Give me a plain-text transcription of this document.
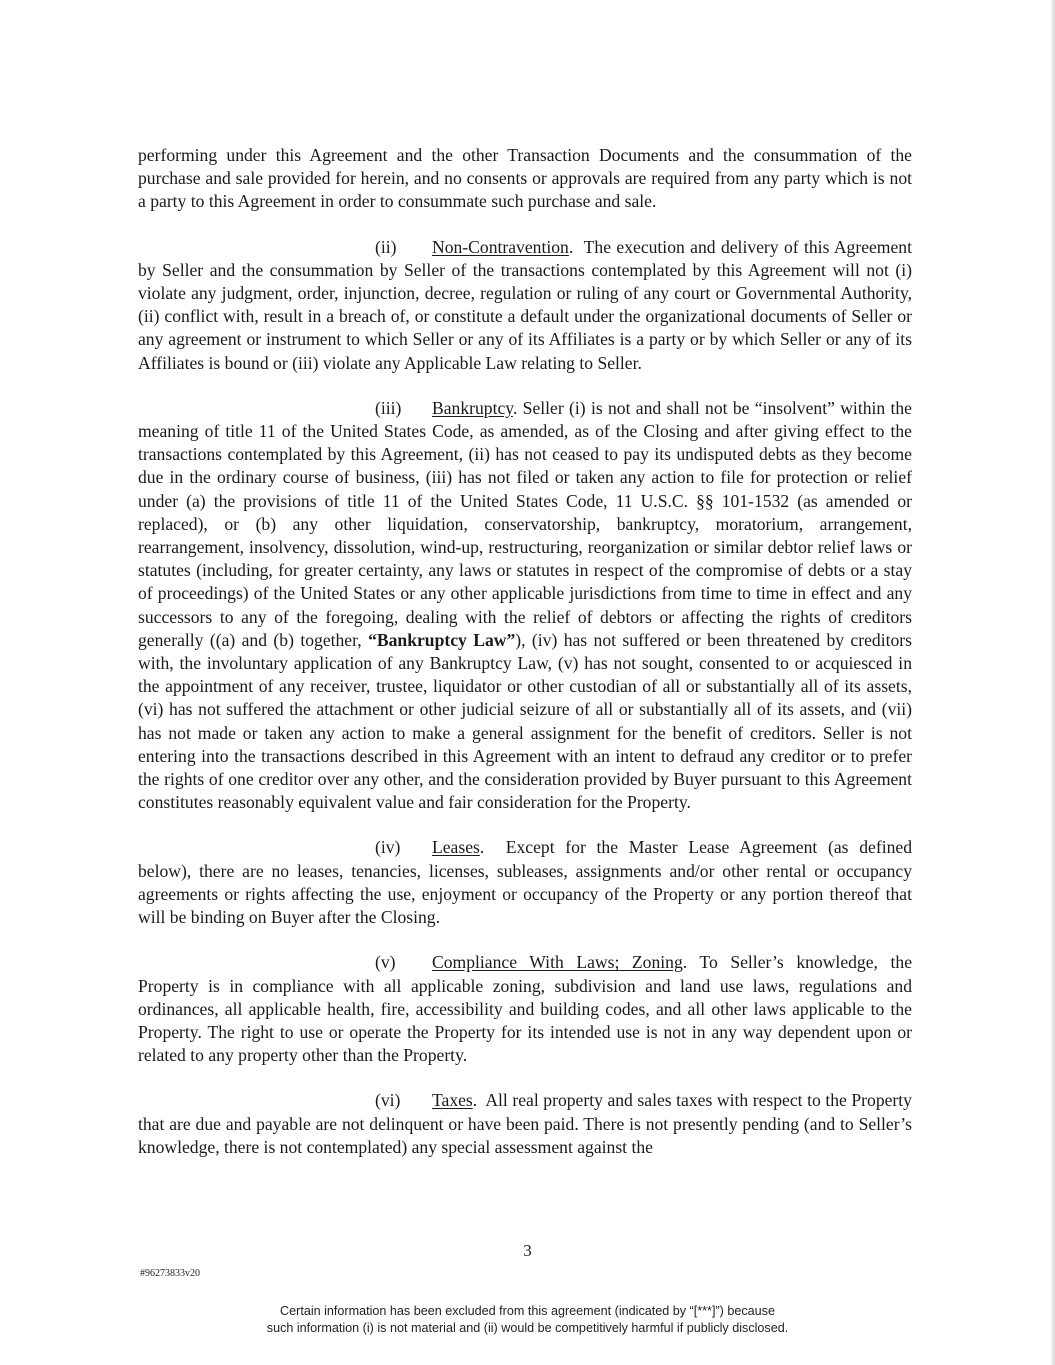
performing under this Agreement and the other Transaction Documents and the consummation of the purchase and sale provided for herein, and no consents or approvals are required from any party which is not a party to this Agreement in order to consummate such purchase and sale.

(ii) Non-Contravention.  The execution and delivery of this Agreement by Seller and the consummation by Seller of the transactions contemplated by this Agreement will not (i) violate any judgment, order, injunction, decree, regulation or ruling of any court or Governmental Authority, (ii) conflict with, result in a breach of, or constitute a default under the organizational documents of Seller or any agreement or instrument to which Seller or any of its Affiliates is a party or by which Seller or any of its Affiliates is bound or (iii) violate any Applicable Law relating to Seller.

(iii) Bankruptcy. Seller (i) is not and shall not be “insolvent” within the meaning of title 11 of the United States Code, as amended, as of the Closing and after giving effect to the transactions contemplated by this Agreement, (ii) has not ceased to pay its undisputed debts as they become due in the ordinary course of business, (iii) has not filed or taken any action to file for protection or relief under (a) the provisions of title 11 of the United States Code, 11 U.S.C. §§ 101-1532 (as amended or replaced), or (b) any other liquidation, conservatorship, bankruptcy, moratorium, arrangement, rearrangement, insolvency, dissolution, wind-up, restructuring, reorganization or similar debtor relief laws or statutes (including, for greater certainty, any laws or statutes in respect of the compromise of debts or a stay of proceedings) of the United States or any other applicable jurisdictions from time to time in effect and any successors to any of the foregoing, dealing with the relief of debtors or affecting the rights of creditors generally ((a) and (b) together, “Bankruptcy Law”), (iv) has not suffered or been threatened by creditors with, the involuntary application of any Bankruptcy Law, (v) has not sought, consented to or acquiesced in the appointment of any receiver, trustee, liquidator or other custodian of all or substantially all of its assets, (vi) has not suffered the attachment or other judicial seizure of all or substantially all of its assets, and (vii) has not made or taken any action to make a general assignment for the benefit of creditors. Seller is not entering into the transactions described in this Agreement with an intent to defraud any creditor or to prefer the rights of one creditor over any other, and the consideration provided by Buyer pursuant to this Agreement constitutes reasonably equivalent value and fair consideration for the Property.

(iv) Leases.  Except for the Master Lease Agreement (as defined below), there are no leases, tenancies, licenses, subleases, assignments and/or other rental or occupancy agreements or rights affecting the use, enjoyment or occupancy of the Property or any portion thereof that will be binding on Buyer after the Closing.

(v) Compliance With Laws; Zoning. To Seller’s knowledge, the Property is in compliance with all applicable zoning, subdivision and land use laws, regulations and ordinances, all applicable health, fire, accessibility and building codes, and all other laws applicable to the Property. The right to use or operate the Property for its intended use is not in any way dependent upon or related to any property other than the Property.

(vi) Taxes.  All real property and sales taxes with respect to the Property that are due and payable are not delinquent or have been paid. There is not presently pending (and to Seller’s knowledge, there is not contemplated) any special assessment against the

3
#96273833v20
Certain information has been excluded from this agreement (indicated by “[***]”) because
such information (i) is not material and (ii) would be competitively harmful if publicly disclosed.
